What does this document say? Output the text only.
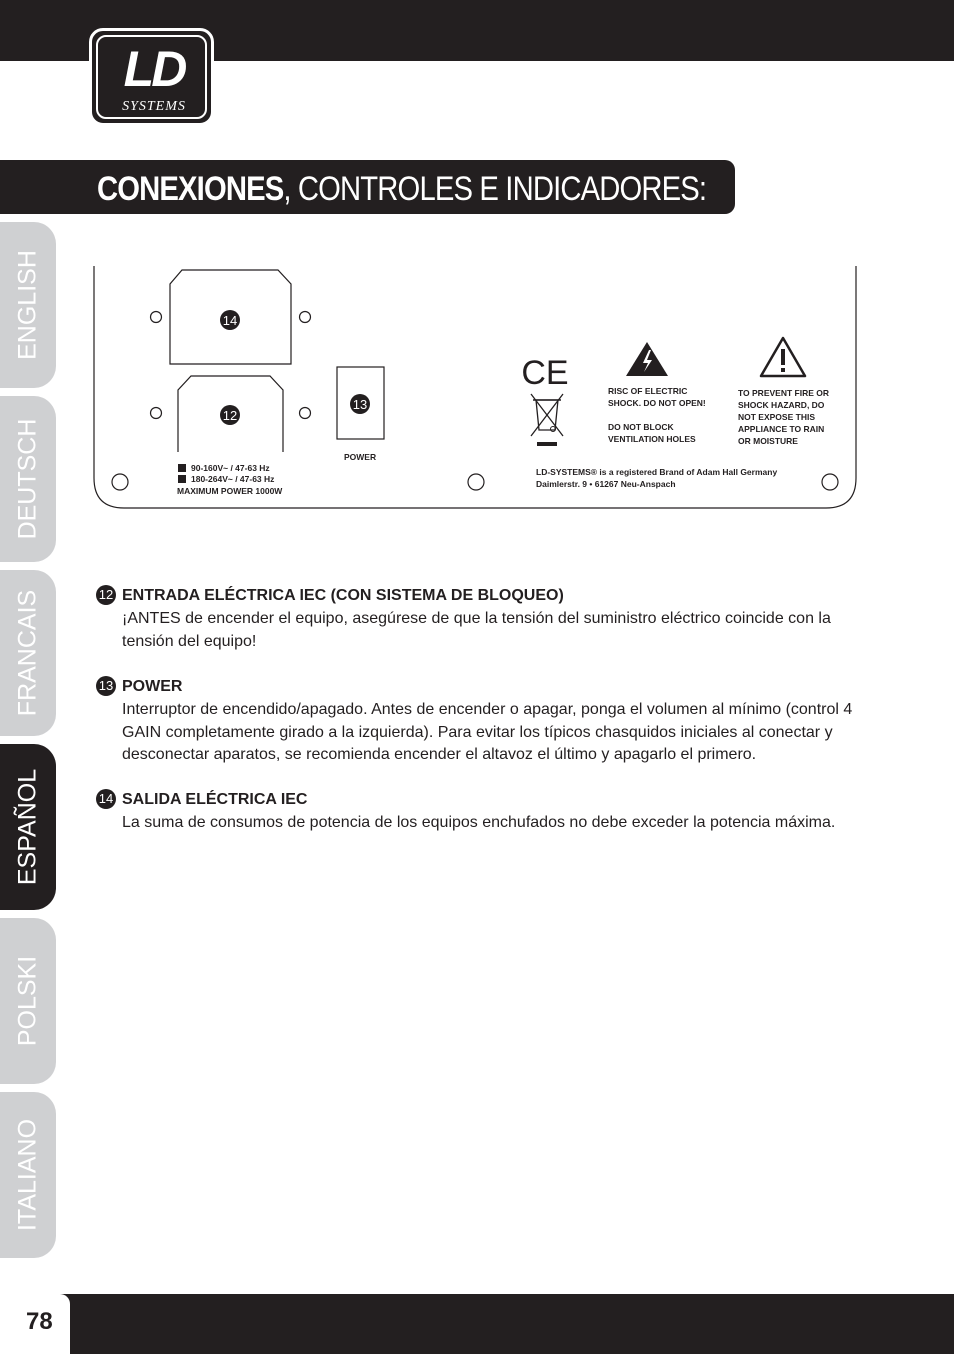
LD
SYSTEMS
CONEXIONES, CONTROLES E INDICADORES:
ENGLISH
DEUTSCH
FRANCAIS
ESPAÑOL
POLSKI
ITALIANO
14
12
13
CE	RISC OF ELECTRIC
SHOCK. DO NOT OPEN!

DO NOT BLOCK
VENTILATION HOLES
TO PREVENT FIRE OR
SHOCK HAZARD, DO
NOT EXPOSE THIS
APPLIANCE TO RAIN
OR MOISTURE
90-160V~ / 47-63 Hz
180-264V~ / 47-63 Hz
MAXIMUM POWER 1000W
POWER
LD-SYSTEMS® is a registered Brand of Adam Hall Germany
Daimlerstr. 9 • 61267 Neu-Anspach
12 ENTRADA ELÉCTRICA IEC (CON SISTEMA DE BLOQUEO)
¡ANTES de encender el equipo, asegúrese de que la tensión del suministro eléctrico coincide con la tensión del equipo!
13 POWER
Interruptor de encendido/apagado. Antes de encender o apagar, ponga el volumen al mínimo (control 4 GAIN completamente girado a la izquierda). Para evitar los típicos chasquidos iniciales al conectar y desconectar aparatos, se recomienda encender el altavoz el último y apagarlo el primero.
14 SALIDA ELÉCTRICA IEC
La suma de consumos de potencia de los equipos enchufados no debe exceder la potencia máxima.
78
